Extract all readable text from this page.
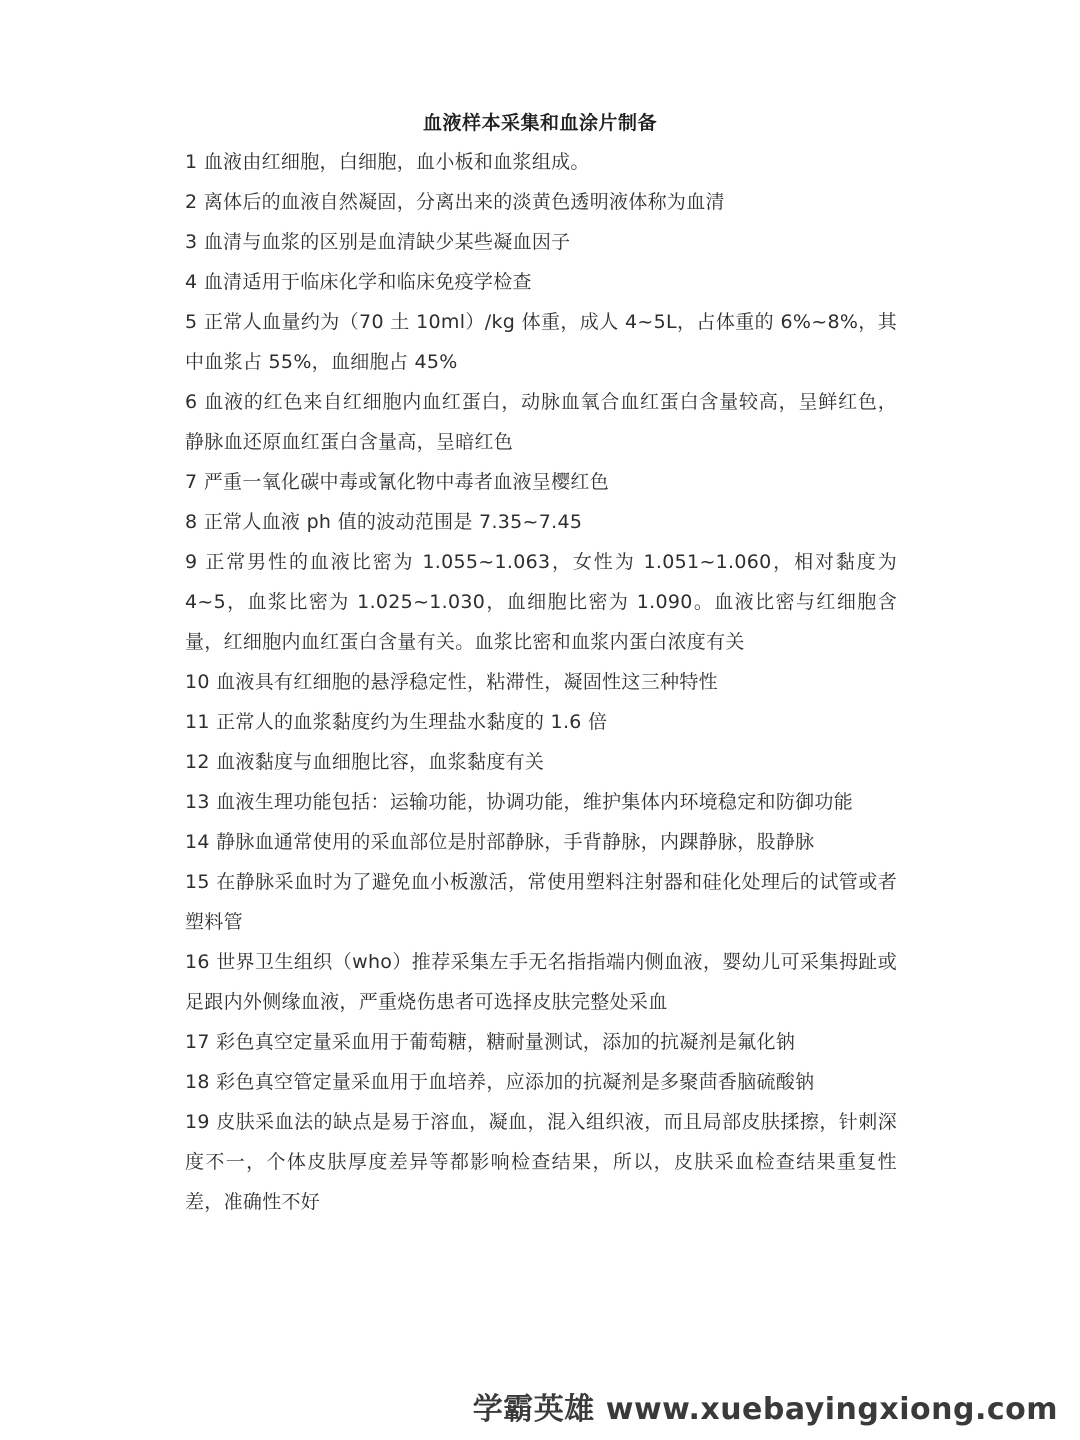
血液样本采集和血涂片制备

1 血液由红细胞，白细胞，血小板和血浆组成。

2 离体后的血液自然凝固，分离出来的淡黄色透明液体称为血清

3 血清与血浆的区别是血清缺少某些凝血因子

4 血清适用于临床化学和临床免疫学检查

5 正常人血量约为（70 土 10ml）/kg 体重，成人 4~5L，占体重的 6%~8%，其中血浆占 55%，血细胞占 45%

6 血液的红色来自红细胞内血红蛋白，动脉血氧合血红蛋白含量较高，呈鲜红色，静脉血还原血红蛋白含量高，呈暗红色

7 严重一氧化碳中毒或氰化物中毒者血液呈樱红色

8 正常人血液 ph 值的波动范围是 7.35~7.45

9 正常男性的血液比密为 1.055~1.063，女性为 1.051~1.060，相对黏度为 4~5，血浆比密为 1.025~1.030，血细胞比密为 1.090。血液比密与红细胞含量，红细胞内血红蛋白含量有关。血浆比密和血浆内蛋白浓度有关

10 血液具有红细胞的悬浮稳定性，粘滞性，凝固性这三种特性

11 正常人的血浆黏度约为生理盐水黏度的 1.6 倍

12 血液黏度与血细胞比容，血浆黏度有关

13 血液生理功能包括：运输功能，协调功能，维护集体内环境稳定和防御功能

14 静脉血通常使用的采血部位是肘部静脉，手背静脉，内踝静脉，股静脉

15 在静脉采血时为了避免血小板激活，常使用塑料注射器和硅化处理后的试管或者塑料管

16 世界卫生组织（who）推荐采集左手无名指指端内侧血液，婴幼儿可采集拇趾或足跟内外侧缘血液，严重烧伤患者可选择皮肤完整处采血

17 彩色真空定量采血用于葡萄糖，糖耐量测试，添加的抗凝剂是氟化钠

18 彩色真空管定量采血用于血培养，应添加的抗凝剂是多聚茴香脑硫酸钠

19 皮肤采血法的缺点是易于溶血，凝血，混入组织液，而且局部皮肤揉擦，针刺深度不一，个体皮肤厚度差异等都影响检查结果，所以，皮肤采血检查结果重复性差，准确性不好

学霸英雄 www.xuebayingxiong.com
